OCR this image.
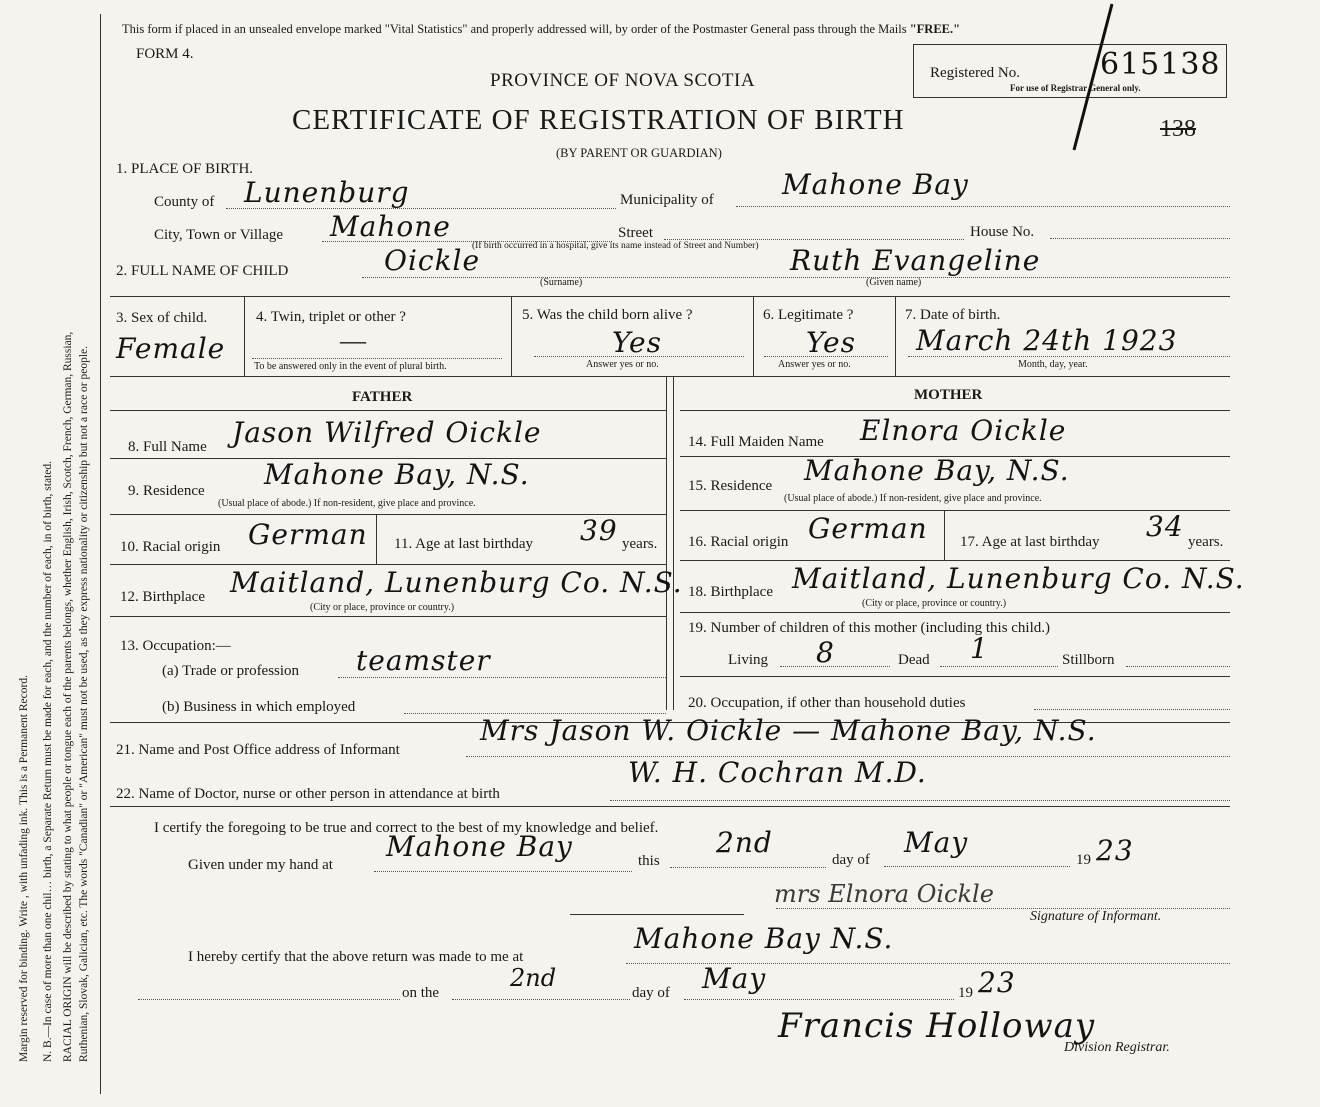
Margin reserved for binding. Write , with unfading ink. This is a Permanent Record. N. B.—In case of more than one chil… birth, a Separate Return must be made for each, and the number of each, in of birth, stated. RACIAL ORIGIN will be described by stating to what people or tongue each of the parents belongs, whether English, Irish, Scotch, French, German, Russian, Ruthenian, Slovak, Galician, etc. The words "Canadian" or "American" must not be used, as they express nationality or citizenship but not a race or people.
This form if placed in an unsealed envelope marked "Vital Statistics" and properly addressed will, by order of the Postmaster General pass through the Mails "FREE."
FORM 4.
PROVINCE OF NOVA SCOTIA
CERTIFICATE OF REGISTRATION OF BIRTH
(BY PARENT OR GUARDIAN)
Registered No.	615138
For use of Registrar General only.
138
1. PLACE OF BIRTH.
County of Lunenburg	Municipality of Mahone Bay
City, Town or Village Mahone	Street	House No.
(If birth occurred in a hospital, give its name instead of Street and Number)
2. FULL NAME OF CHILD	Oickle	Ruth Evangeline
(Surname)	(Given name)
3. Sex of child.
Female
4. Twin, triplet or other ?
—
To be answered only in the event of plural birth.
5. Was the child born alive ?
Yes
Answer yes or no.
6. Legitimate ?
Yes
Answer yes or no.
7. Date of birth.
March 24th 1923
Month, day, year.
FATHER	MOTHER
8. Full Name Jason Wilfred Oickle
9. Residence Mahone Bay, N.S.
(Usual place of abode.) If non-resident, give place and province.
10. Racial origin German 11. Age at last birthday 39 years.
12. Birthplace Maitland, Lunenburg Co. N.S.
(City or place, province or country.)
13. Occupation:—
(a) Trade or profession teamster
(b) Business in which employed
14. Full Maiden Name Elnora Oickle
15. Residence Mahone Bay, N.S.
(Usual place of abode.) If non-resident, give place and province.
16. Racial origin German 17. Age at last birthday 34 years.
18. Birthplace Maitland, Lunenburg Co. N.S.
(City or place, province or country.)
19. Number of children of this mother (including this child.)
Living 8	Dead 1	Stillborn
20. Occupation, if other than household duties
21. Name and Post Office address of Informant
Mrs Jason W. Oickle — Mahone Bay, N.S.
22. Name of Doctor, nurse or other person in attendance at birth
W. H. Cochran M.D.
I certify the foregoing to be true and correct to the best of my knowledge and belief.
Given under my hand at
Mahone Bay	this
2nd
day of
May
19 23
mrs Elnora Oickle
Signature of Informant.
I hereby certify that the above return was made to me at
Mahone Bay N.S.
on the
2nd
day of May	19 23
Francis Holloway
Division Registrar.
